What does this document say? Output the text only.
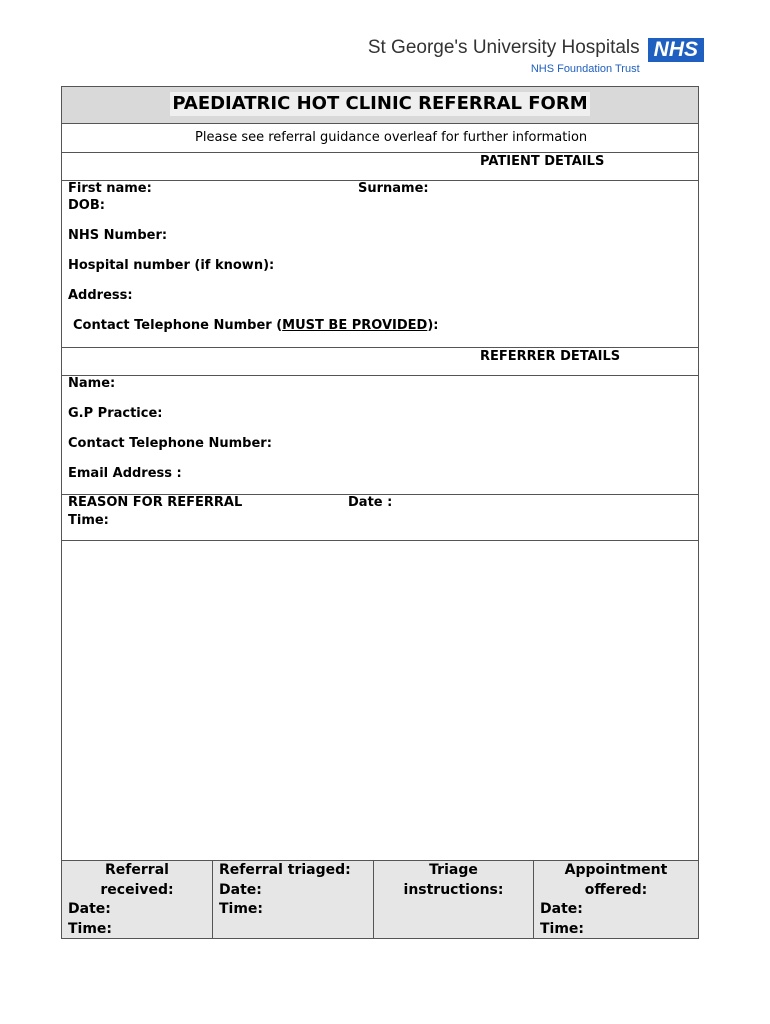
St George's University Hospitals
NHS Foundation Trust
NHS
PAEDIATRIC HOT CLINIC REFERRAL FORM
Please see referral guidance overleaf for further information
PATIENT DETAILS
First name:	Surname:
DOB:
NHS Number:
Hospital number (if known):
Address:
Contact Telephone Number (MUST BE PROVIDED):
REFERRER DETAILS
Name:
G.P Practice:
Contact Telephone Number:
Email Address :
REASON FOR REFERRAL	Date :
Time:
Referral
received:
Date:
Time:
Referral triaged:
Date:
Time:
Triage
instructions:
Appointment
offered:
Date:
Time:
